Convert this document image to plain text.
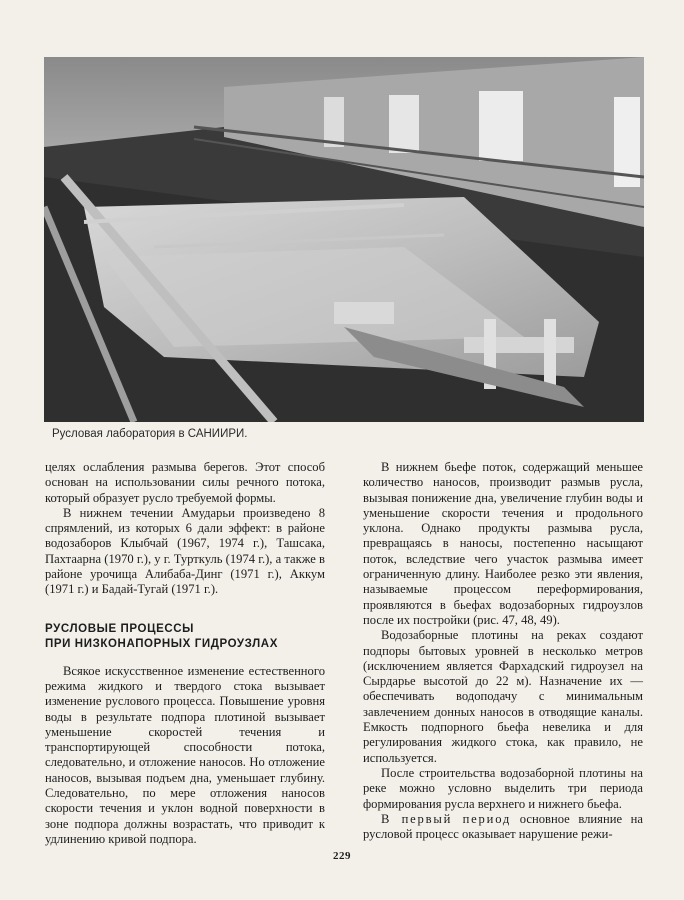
Русловая лаборатория в САНИИРИ.

целях ослабления размыва берегов. Этот способ основан на использовании силы речного потока, который образует русло требуемой формы.

В нижнем течении Амударьи произведено 8 спрямлений, из которых 6 дали эффект: в районе водозаборов Клыбчай (1967, 1974 г.), Ташсака, Пахтаарна (1970 г.), у г. Турткуль (1974 г.), а также в районе урочища Алибаба-Динг (1971 г.), Аккум (1971 г.) и Бадай-Тугай (1971 г.).

РУСЛОВЫЕ ПРОЦЕССЫ
ПРИ НИЗКОНАПОРНЫХ ГИДРОУЗЛАХ

Всякое искусственное изменение естественного режима жидкого и твердого стока вызывает изменение руслового процесса. Повышение уровня воды в результате подпора плотиной вызывает уменьшение скоростей течения и транспортирующей способности потока, следовательно, и отложение наносов. Но отложение наносов, вызывая подъем дна, уменьшает глубину. Следовательно, по мере отложения наносов скорости течения и уклон водной поверхности в зоне подпора должны возрастать, что приводит к удлинению кривой подпора.

В нижнем бьефе поток, содержащий меньшее количество наносов, производит размыв русла, вызывая понижение дна, увеличение глубин воды и уменьшение скорости течения и продольного уклона. Однако продукты размыва русла, превращаясь в наносы, постепенно насыщают поток, вследствие чего участок размыва имеет ограниченную длину. Наиболее резко эти явления, называемые процессом переформирования, проявляются в бьефах водозаборных гидроузлов после их постройки (рис. 47, 48, 49).

Водозаборные плотины на реках создают подпоры бытовых уровней в несколько метров (исключением является Фархадский гидроузел на Сырдарье высотой до 22 м). Назначение их — обеспечивать водоподачу с минимальным завлечением донных наносов в отводящие каналы. Емкость подпорного бьефа невелика и для регулирования жидкого стока, как правило, не используется.

После строительства водозаборной плотины на реке можно условно выделить три периода формирования русла верхнего и нижнего бьефа.

В первый период основное влияние на русловой процесс оказывает нарушение режи-

229
